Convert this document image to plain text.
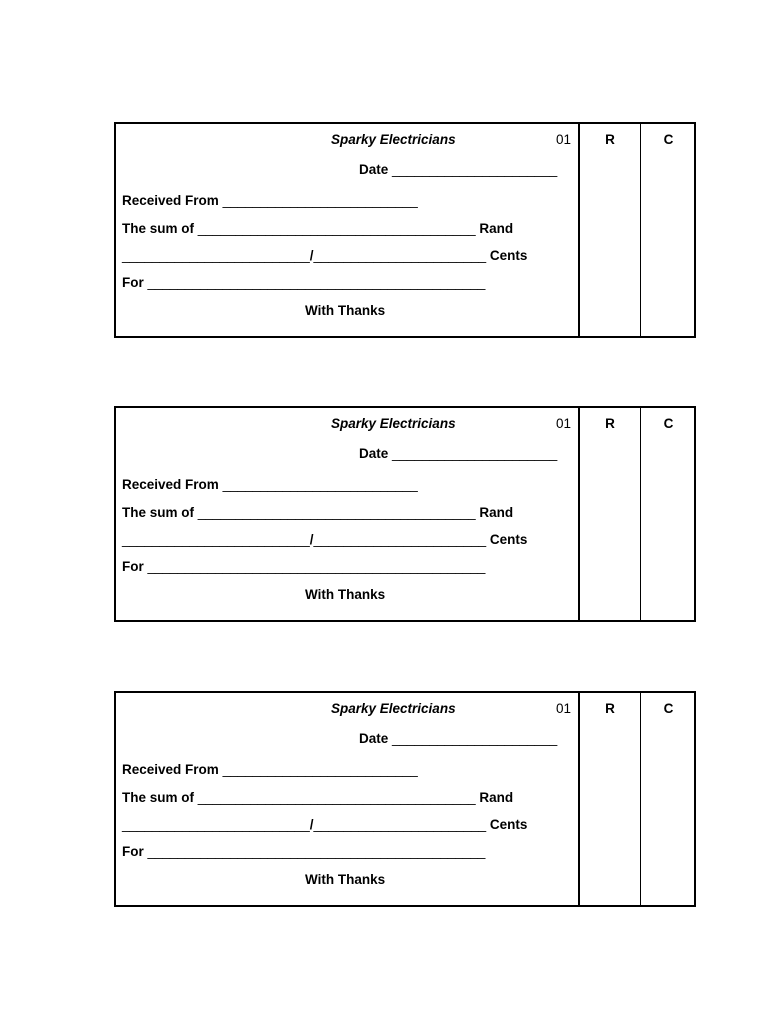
Sparky Electricians	01
Date ______________________
Received From __________________________
The sum of _____________________________________ Rand
_________________________/_______________________ Cents
For _____________________________________________
With Thanks
R	C
Sparky Electricians	01
Date ______________________
Received From __________________________
The sum of _____________________________________ Rand
_________________________/_______________________ Cents
For _____________________________________________
With Thanks
R	C
Sparky Electricians	01
Date ______________________
Received From __________________________
The sum of _____________________________________ Rand
_________________________/_______________________ Cents
For _____________________________________________
With Thanks
R	C
